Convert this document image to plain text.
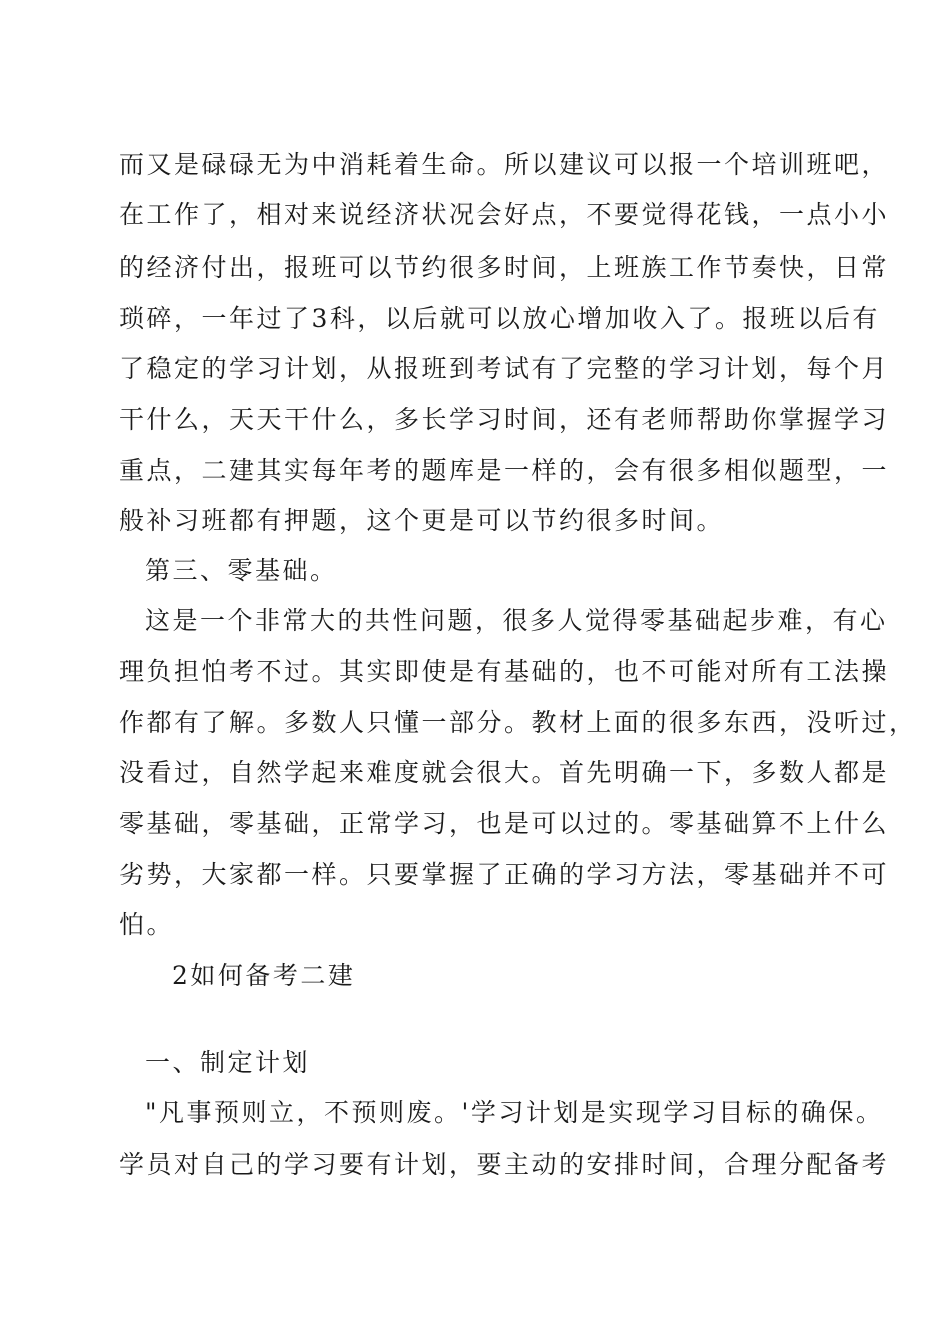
而又是碌碌无为中消耗着生命。所以建议可以报一个培训班吧，
在工作了，相对来说经济状况会好点，不要觉得花钱，一点小小
的经济付出，报班可以节约很多时间，上班族工作节奏快，日常
琐碎，一年过了3科，以后就可以放心增加收入了。报班以后有
了稳定的学习计划，从报班到考试有了完整的学习计划，每个月
干什么，天天干什么，多长学习时间，还有老师帮助你掌握学习
重点，二建其实每年考的题库是一样的，会有很多相似题型，一
般补习班都有押题，这个更是可以节约很多时间。
第三、零基础。
这是一个非常大的共性问题，很多人觉得零基础起步难，有心
理负担怕考不过。其实即使是有基础的，也不可能对所有工法操
作都有了解。多数人只懂一部分。教材上面的很多东西，没听过，
没看过，自然学起来难度就会很大。首先明确一下，多数人都是
零基础，零基础，正常学习，也是可以过的。零基础算不上什么
劣势，大家都一样。只要掌握了正确的学习方法，零基础并不可
怕。
2如何备考二建
一、制定计划
"凡事预则立，不预则废。'学习计划是实现学习目标的确保。
学员对自己的学习要有计划，要主动的安排时间，合理分配备考
